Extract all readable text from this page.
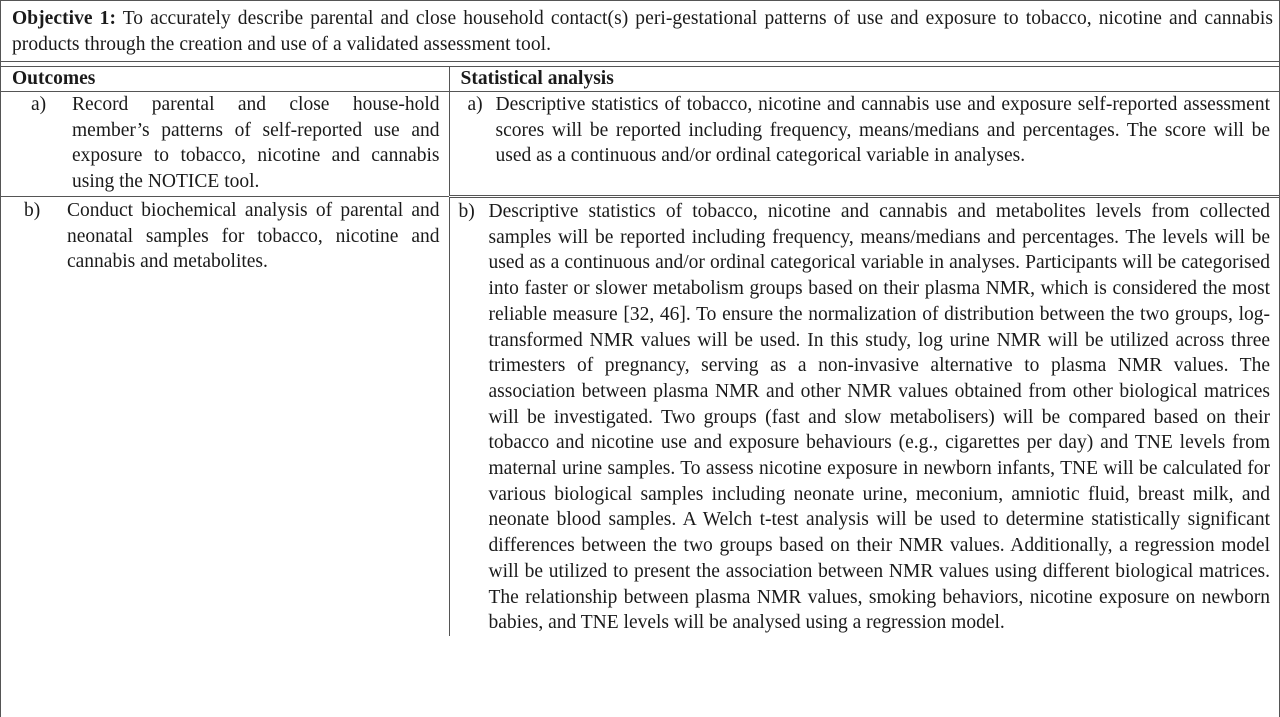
Objective 1: To accurately describe parental and close household contact(s) peri-gestational patterns of use and exposure to tobacco, nicotine and cannabis products through the creation and use of a validated assessment tool.
Outcomes	Statistical analysis

a) Record parental and close house-hold member’s patterns of self-reported use and exposure to tobacco, nicotine and cannabis using the NOTICE tool.	a) Descriptive statistics of tobacco, nicotine and cannabis use and exposure self-reported assessment scores will be reported including frequency, means/medians and percentages. The score will be used as a continuous and/or ordinal categorical variable in analyses.

b) Conduct biochemical analysis of parental and neonatal samples for tobacco, nicotine and cannabis and metabolites.	b) Descriptive statistics of tobacco, nicotine and cannabis and metabolites levels from collected samples will be reported including frequency, means/medians and percentages. The levels will be used as a continuous and/or ordinal categorical variable in analyses. Participants will be categorised into faster or slower metabolism groups based on their plasma NMR, which is considered the most reliable measure [32, 46]. To ensure the normalization of distribution between the two groups, log-transformed NMR values will be used. In this study, log urine NMR will be utilized across three trimesters of pregnancy, serving as a non-invasive alternative to plasma NMR values. The association between plasma NMR and other NMR values obtained from other biological matrices will be investigated. Two groups (fast and slow metabolisers) will be compared based on their tobacco and nicotine use and exposure behaviours (e.g., cigarettes per day) and TNE levels from maternal urine samples. To assess nicotine exposure in newborn infants, TNE will be calculated for various biological samples including neonate urine, meconium, amniotic fluid, breast milk, and neonate blood samples. A Welch t-test analysis will be used to determine statistically significant differences between the two groups based on their NMR values. Additionally, a regression model will be utilized to present the association between NMR values using different biological matrices. The relationship between plasma NMR values, smoking behaviors, nicotine exposure on newborn babies, and TNE levels will be analysed using a regression model.
